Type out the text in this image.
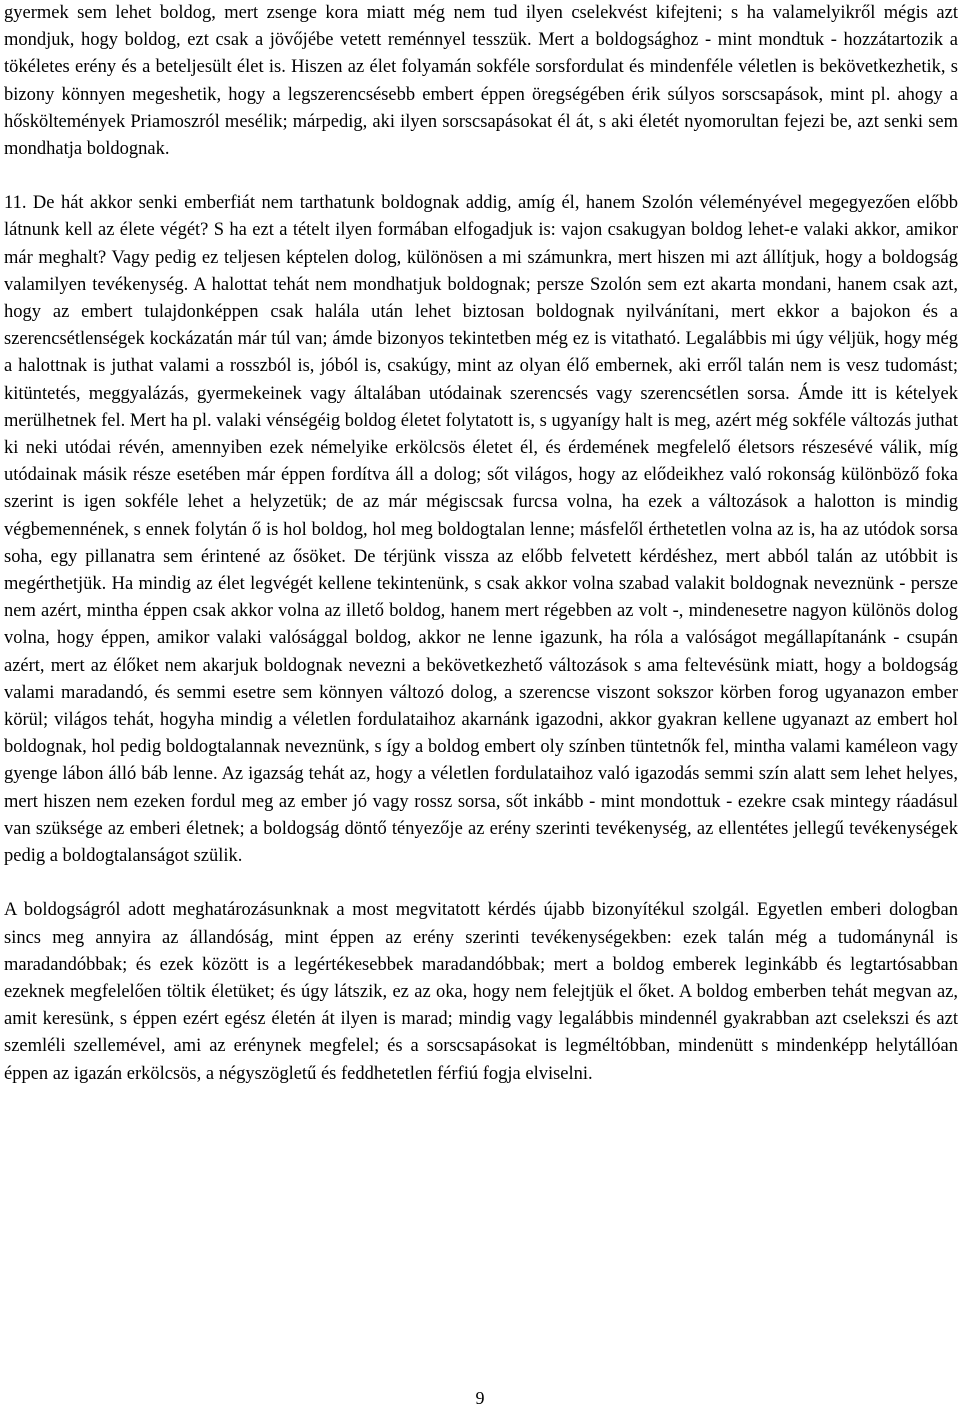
gyermek sem lehet boldog, mert zsenge kora miatt még nem tud ilyen cselekvést kifejteni; s ha valamelyikről mégis azt mondjuk, hogy boldog, ezt csak a jövőjébe vetett reménnyel tesszük. Mert a boldogsághoz - mint mondtuk - hozzátartozik a tökéletes erény és a beteljesült élet is. Hiszen az élet folyamán sokféle sorsfordulat és mindenféle véletlen is bekövetkezhetik, s bizony könnyen megeshetik, hogy a legszerencsésebb embert éppen öregségében érik súlyos sorscsapások, mint pl. ahogy a hősköltemények Priamoszról mesélik; márpedig, aki ilyen sorscsapásokat él át, s aki életét nyomorultan fejezi be, azt senki sem mondhatja boldognak.

11. De hát akkor senki emberfiát nem tarthatunk boldognak addig, amíg él, hanem Szolón véleményével megegyezően előbb látnunk kell az élete végét? S ha ezt a tételt ilyen formában elfogadjuk is: vajon csakugyan boldog lehet-e valaki akkor, amikor már meghalt? Vagy pedig ez teljesen képtelen dolog, különösen a mi számunkra, mert hiszen mi azt állítjuk, hogy a boldogság valamilyen tevékenység. A halottat tehát nem mondhatjuk boldognak; persze Szolón sem ezt akarta mondani, hanem csak azt, hogy az embert tulajdonképpen csak halála után lehet biztosan boldognak nyilvánítani, mert ekkor a bajokon és a szerencsétlenségek kockázatán már túl van; ámde bizonyos tekintetben még ez is vitatható. Legalábbis mi úgy véljük, hogy még a halottnak is juthat valami a rosszból is, jóból is, csakúgy, mint az olyan élő embernek, aki erről talán nem is vesz tudomást; kitüntetés, meggyalázás, gyermekeinek vagy általában utódainak szerencsés vagy szerencsétlen sorsa. Ámde itt is kételyek merülhetnek fel. Mert ha pl. valaki vénségéig boldog életet folytatott is, s ugyanígy halt is meg, azért még sokféle változás juthat ki neki utódai révén, amennyiben ezek némelyike erkölcsös életet él, és érdemének megfelelő életsors részesévé válik, míg utódainak másik része esetében már éppen fordítva áll a dolog; sőt világos, hogy az elődeikhez való rokonság különböző foka szerint is igen sokféle lehet a helyzetük; de az már mégiscsak furcsa volna, ha ezek a változások a halotton is mindig végbemennének, s ennek folytán ő is hol boldog, hol meg boldogtalan lenne; másfelől érthetetlen volna az is, ha az utódok sorsa soha, egy pillanatra sem érintené az ősöket. De térjünk vissza az előbb felvetett kérdéshez, mert abból talán az utóbbit is megérthetjük. Ha mindig az élet legvégét kellene tekintenünk, s csak akkor volna szabad valakit boldognak neveznünk - persze nem azért, mintha éppen csak akkor volna az illető boldog, hanem mert régebben az volt -, mindenesetre nagyon különös dolog volna, hogy éppen, amikor valaki valósággal boldog, akkor ne lenne igazunk, ha róla a valóságot megállapítanánk - csupán azért, mert az élőket nem akarjuk boldognak nevezni a bekövetkezhető változások s ama feltevésünk miatt, hogy a boldogság valami maradandó, és semmi esetre sem könnyen változó dolog, a szerencse viszont sokszor körben forog ugyanazon ember körül; világos tehát, hogyha mindig a véletlen fordulataihoz akarnánk igazodni, akkor gyakran kellene ugyanazt az embert hol boldognak, hol pedig boldogtalannak neveznünk, s így a boldog embert oly színben tüntetnők fel, mintha valami kaméleon vagy gyenge lábon álló báb lenne. Az igazság tehát az, hogy a véletlen fordulataihoz való igazodás semmi szín alatt sem lehet helyes, mert hiszen nem ezeken fordul meg az ember jó vagy rossz sorsa, sőt inkább - mint mondottuk - ezekre csak mintegy ráadásul van szüksége az emberi életnek; a boldogság döntő tényezője az erény szerinti tevékenység, az ellentétes jellegű tevékenységek pedig a boldogtalanságot szülik.

A boldogságról adott meghatározásunknak a most megvitatott kérdés újabb bizonyítékul szolgál. Egyetlen emberi dologban sincs meg annyira az állandóság, mint éppen az erény szerinti tevékenységekben: ezek talán még a tudománynál is maradandóbbak; és ezek között is a legértékesebbek maradandóbbak; mert a boldog emberek leginkább és legtartósabban ezeknek megfelelően töltik életüket; és úgy látszik, ez az oka, hogy nem felejtjük el őket. A boldog emberben tehát megvan az, amit keresünk, s éppen ezért egész életén át ilyen is marad; mindig vagy legalábbis mindennél gyakrabban azt cselekszi és azt szemléli szellemével, ami az erénynek megfelel; és a sorscsapásokat is legméltóbban, mindenütt s mindenképp helytállóan éppen az igazán erkölcsös, a négyszögletű és feddhetetlen férfiú fogja elviselni.

9
